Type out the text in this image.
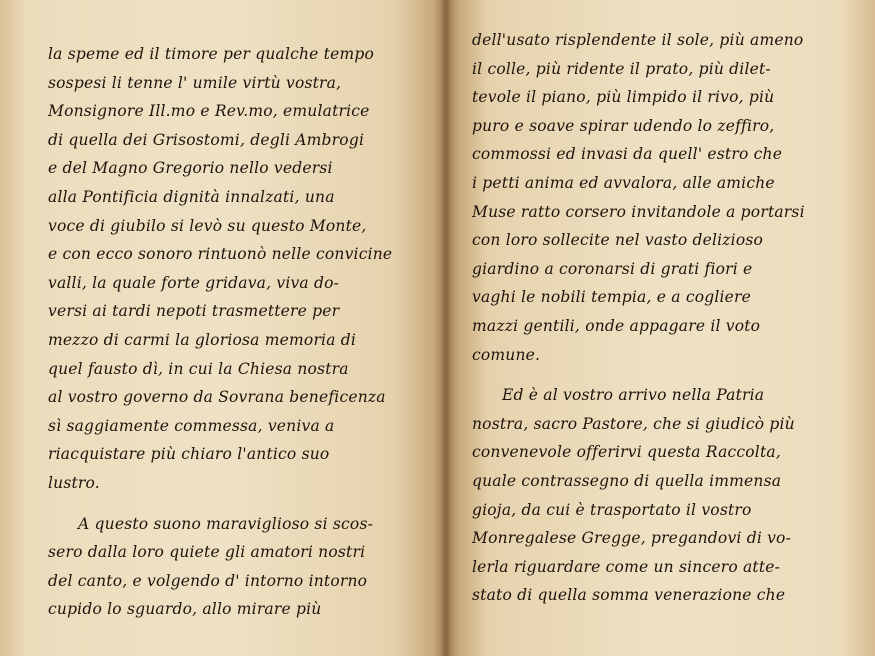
la speme ed il timore per qualche tempo
sospesi li tenne l' umile virtù vostra,
Monsignore Ill.mo e Rev.mo, emulatrice
di quella dei Grisostomi, degli Ambrogi
e del Magno Gregorio nello vedersi
alla Pontificia dignità innalzati, una
voce di giubilo si levò su questo Monte,
e con ecco sonoro rintuonò nelle convicine
valli, la quale forte gridava, viva do-
versi ai tardi nepoti trasmettere per
mezzo di carmi la gloriosa memoria di
quel fausto dì, in cui la Chiesa nostra
al vostro governo da Sovrana beneficenza
sì saggiamente commessa, veniva a
riacquistare più chiaro l'antico suo
lustro.
A questo suono maraviglioso si scos-
sero dalla loro quiete gli amatori nostri
del canto, e volgendo d' intorno intorno
cupido lo sguardo, allo mirare più
dell'usato risplendente il sole, più ameno
il colle, più ridente il prato, più dilet-
tevole il piano, più limpido il rivo, più
puro e soave spirar udendo lo zeffiro,
commossi ed invasi da quell' estro che
i petti anima ed avvalora, alle amiche
Muse ratto corsero invitandole a portarsi
con loro sollecite nel vasto delizioso
giardino a coronarsi di grati fiori e
vaghi le nobili tempia, e a cogliere
mazzi gentili, onde appagare il voto
comune.
Ed è al vostro arrivo nella Patria
nostra, sacro Pastore, che si giudicò più
convenevole offerirvi questa Raccolta,
quale contrassegno di quella immensa
gioja, da cui è trasportato il vostro
Monregalese Gregge, pregandovi di vo-
lerla riguardare come un sincero atte-
stato di quella somma venerazione che
